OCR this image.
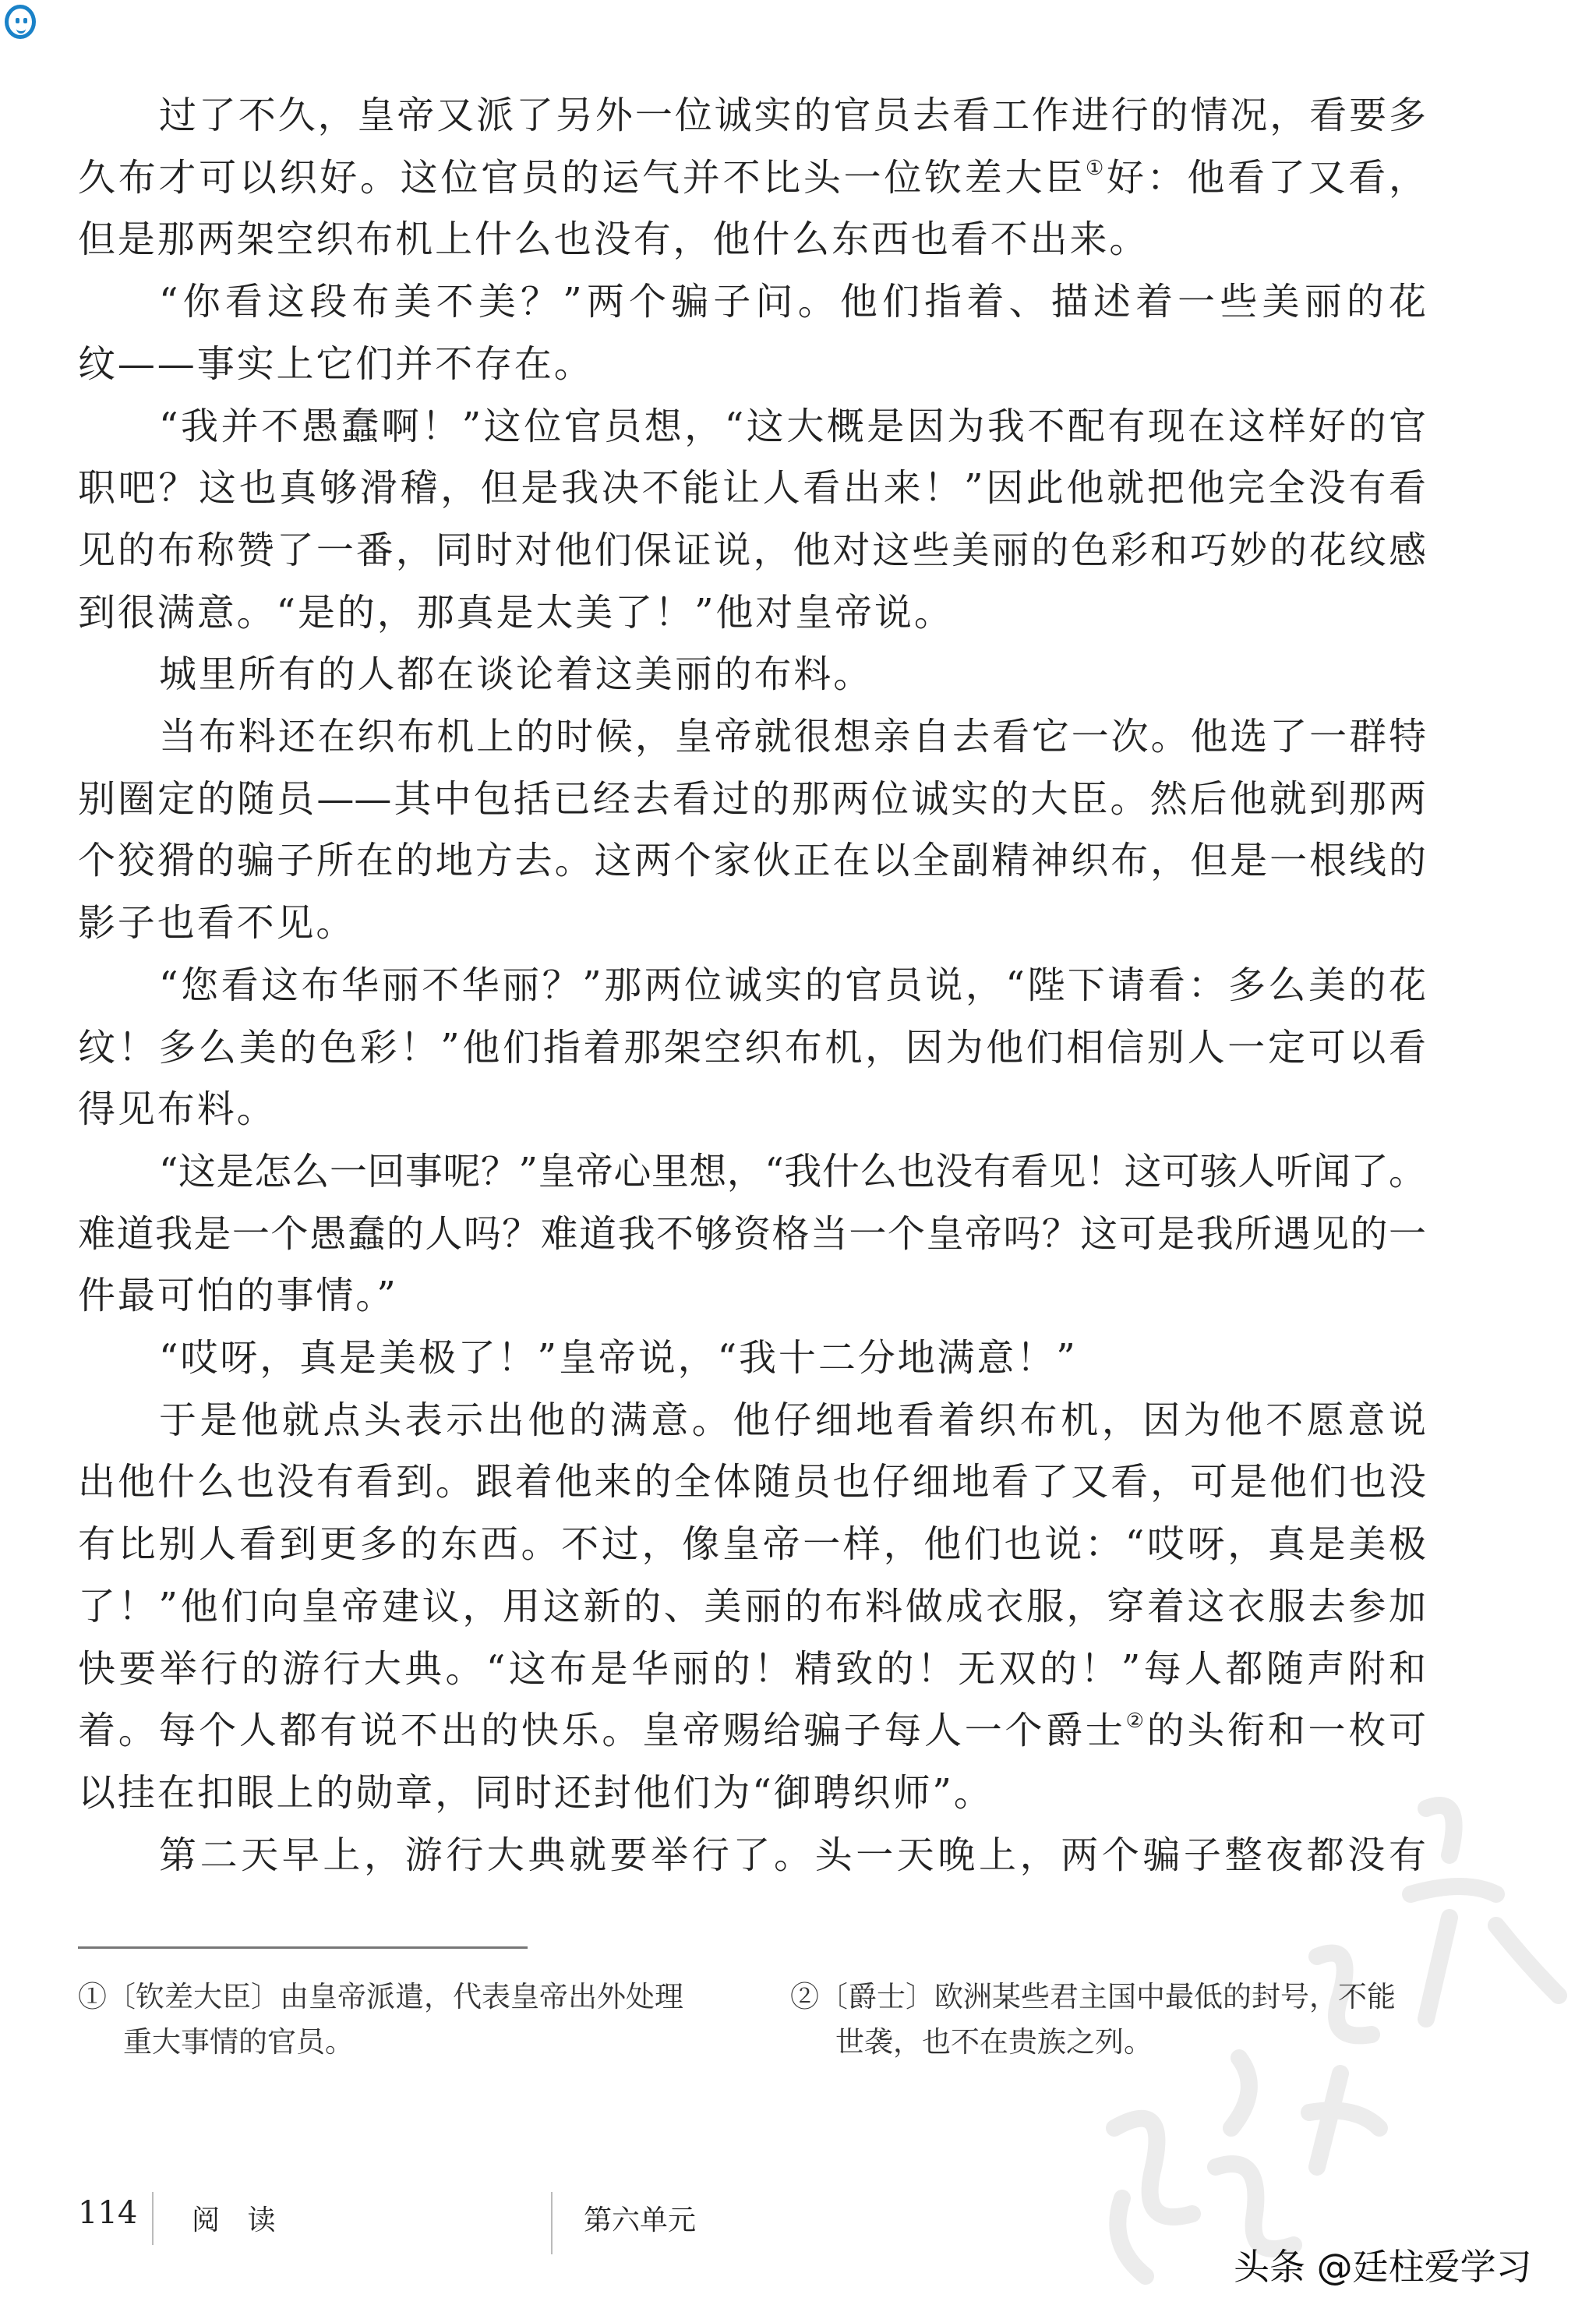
过了不久，皇帝又派了另外一位诚实的官员去看工作进行的情况，看要多
久布才可以织好。这位官员的运气并不比头一位钦差大臣①好：他看了又看，
但是那两架空织布机上什么也没有，他什么东西也看不出来。
“你看这段布美不美？”两个骗子问。他们指着、描述着一些美丽的花
纹——事实上它们并不存在。
“我并不愚蠢啊！”这位官员想，“这大概是因为我不配有现在这样好的官
职吧？这也真够滑稽，但是我决不能让人看出来！”因此他就把他完全没有看
见的布称赞了一番，同时对他们保证说，他对这些美丽的色彩和巧妙的花纹感
到很满意。“是的，那真是太美了！”他对皇帝说。
城里所有的人都在谈论着这美丽的布料。
当布料还在织布机上的时候，皇帝就很想亲自去看它一次。他选了一群特
别圈定的随员——其中包括已经去看过的那两位诚实的大臣。然后他就到那两
个狡猾的骗子所在的地方去。这两个家伙正在以全副精神织布，但是一根线的
影子也看不见。
“您看这布华丽不华丽？”那两位诚实的官员说，“陛下请看：多么美的花
纹！多么美的色彩！”他们指着那架空织布机，因为他们相信别人一定可以看
得见布料。
“这是怎么一回事呢？”皇帝心里想，“我什么也没有看见！这可骇人听闻了。
难道我是一个愚蠢的人吗？难道我不够资格当一个皇帝吗？这可是我所遇见的一
件最可怕的事情。”
“哎呀，真是美极了！”皇帝说，“我十二分地满意！”
于是他就点头表示出他的满意。他仔细地看着织布机，因为他不愿意说
出他什么也没有看到。跟着他来的全体随员也仔细地看了又看，可是他们也没
有比别人看到更多的东西。不过，像皇帝一样，他们也说：“哎呀，真是美极
了！”他们向皇帝建议，用这新的、美丽的布料做成衣服，穿着这衣服去参加
快要举行的游行大典。“这布是华丽的！精致的！无双的！”每人都随声附和
着。每个人都有说不出的快乐。皇帝赐给骗子每人一个爵士②的头衔和一枚可
以挂在扣眼上的勋章，同时还封他们为“御聘织师”。
第二天早上，游行大典就要举行了。头一天晚上，两个骗子整夜都没有
①〔钦差大臣〕由皇帝派遣，代表皇帝出外处理
重大事情的官员。
②〔爵士〕欧洲某些君主国中最低的封号，不能
世袭，也不在贵族之列。
114 阅 读	第六单元
头条 @廷柱爱学习
